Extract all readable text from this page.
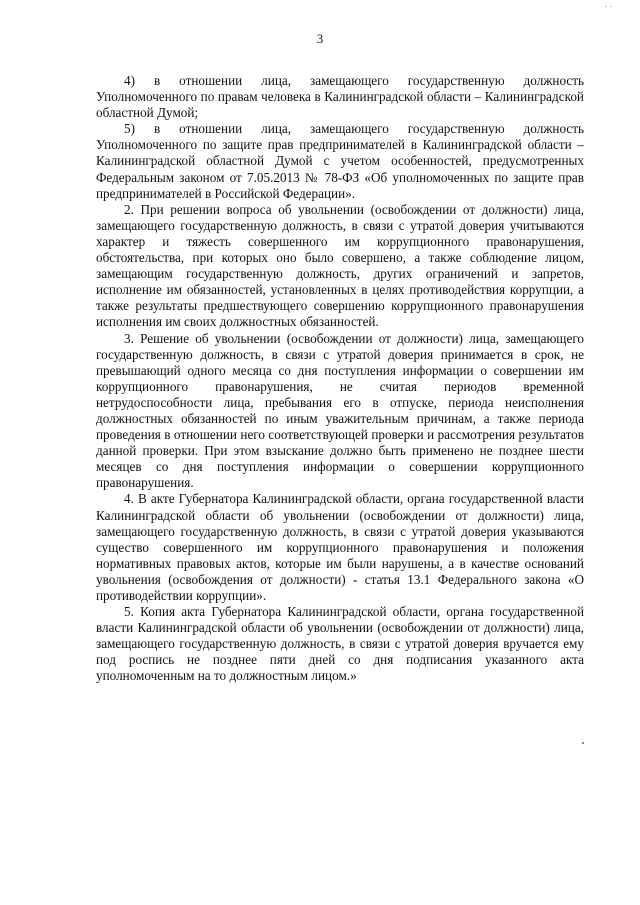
. .
3

4) в отношении лица, замещающего государственную должность Уполномоченного по правам человека в Калининградской области – Калининградской областной Думой;

5) в отношении лица, замещающего государственную должность Уполномоченного по защите прав предпринимателей в Калининградской области – Калининградской областной Думой с учетом особенностей, предусмотренных Федеральным законом от 7.05.2013 № 78-ФЗ «Об уполномоченных по защите прав предпринимателей в Российской Федерации».

2. При решении вопроса об увольнении (освобождении от должности) лица, замещающего государственную должность, в связи с утратой доверия учитываются характер и тяжесть совершенного им коррупционного правонарушения, обстоятельства, при которых оно было совершено, а также соблюдение лицом, замещающим государственную должность, других ограничений и запретов, исполнение им обязанностей, установленных в целях противодействия коррупции, а также результаты предшествующего совершению коррупционного правонарушения исполнения им своих должностных обязанностей.

3. Решение об увольнении (освобождении от должности) лица, замещающего государственную должность, в связи с утратой доверия принимается в срок, не превышающий одного месяца со дня поступления информации о совершении им коррупционного правонарушения, не считая периодов временной нетрудоспособности лица, пребывания его в отпуске, периода неисполнения должностных обязанностей по иным уважительным причинам, а также периода проведения в отношении него соответствующей проверки и рассмотрения результатов данной проверки. При этом взыскание должно быть применено не позднее шести месяцев со дня поступления информации о совершении коррупционного правонарушения.

4. В акте Губернатора Калининградской области, органа государственной власти Калининградской области об увольнении (освобождении от должности) лица, замещающего государственную должность, в связи с утратой доверия указываются существо совершенного им коррупционного правонарушения и положения нормативных правовых актов, которые им были нарушены, а в качестве оснований увольнения (освобождения от должности) - статья 13.1 Федерального закона «О противодействии коррупции».

5. Копия акта Губернатора Калининградской области, органа государственной власти Калининградской области об увольнении (освобождении от должности) лица, замещающего государственную должность, в связи с утратой доверия вручается ему под роспись не позднее пяти дней со дня подписания указанного акта уполномоченным на то должностным лицом.»
